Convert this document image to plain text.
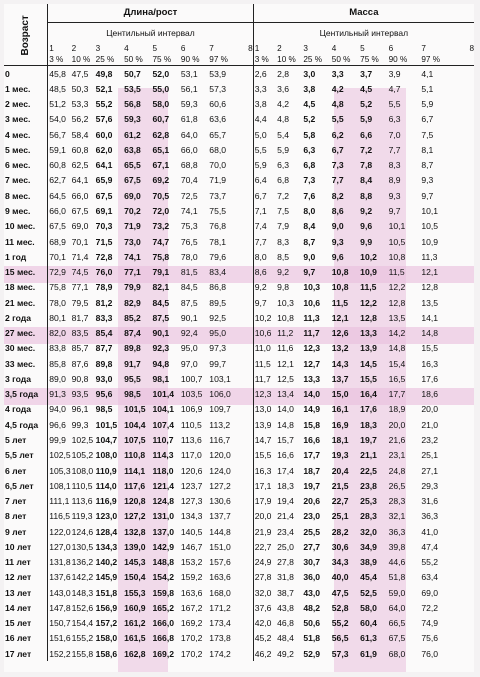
Возраст	Длина/рост								Масса							
	Центильный интервал								Центильный интервал							
	1	2	3	4	5	6	7	8	1	2	3	4	5	6	7	8
	3 %	10 %	25 %	50 %	75 %	90 %	97 %		3 %	10 %	25 %	50 %	75 %	90 %	97 %	
0	45,8	47,5	49,8	50,7	52,0	53,1	53,9		2,6	2,8	3,0	3,3	3,7	3,9	4,1	
1 мес.	48,5	50,3	52,1	53,5	55,0	56,1	57,3		3,3	3,6	3,8	4,2	4,5	4,7	5,1	
2 мес.	51,2	53,3	55,2	56,8	58,0	59,3	60,6		3,8	4,2	4,5	4,8	5,2	5,5	5,9	
3 мес.	54,0	56,2	57,6	59,3	60,7	61,8	63,6		4,4	4,8	5,2	5,5	5,9	6,3	6,7	
4 мес.	56,7	58,4	60,0	61,2	62,8	64,0	65,7		5,0	5,4	5,8	6,2	6,6	7,0	7,5	
5 мес.	59,1	60,8	62,0	63,8	65,1	66,0	68,0		5,5	5,9	6,3	6,7	7,2	7,7	8,1	
6 мес.	60,8	62,5	64,1	65,5	67,1	68,8	70,0		5,9	6,3	6,8	7,3	7,8	8,3	8,7	
7 мес.	62,7	64,1	65,9	67,5	69,2	70,4	71,9		6,4	6,8	7,3	7,7	8,4	8,9	9,3	
8 мес.	64,5	66,0	67,5	69,0	70,5	72,5	73,7		6,7	7,2	7,6	8,2	8,8	9,3	9,7	
9 мес.	66,0	67,5	69,1	70,2	72,0	74,1	75,5		7,1	7,5	8,0	8,6	9,2	9,7	10,1	
10 мес.	67,5	69,0	70,3	71,9	73,2	75,3	76,8		7,4	7,9	8,4	9,0	9,6	10,1	10,5	
11 мес.	68,9	70,1	71,5	73,0	74,7	76,5	78,1		7,7	8,3	8,7	9,3	9,9	10,5	10,9	
1 год	70,1	71,4	72,8	74,1	75,8	78,0	79,6		8,0	8,5	9,0	9,6	10,2	10,8	11,3	
15 мес.	72,9	74,5	76,0	77,1	79,1	81,5	83,4		8,6	9,2	9,7	10,8	10,9	11,5	12,1	
18 мес.	75,8	77,1	78,9	79,9	82,1	84,5	86,8		9,2	9,8	10,3	10,8	11,5	12,2	12,8	
21 мес.	78,0	79,5	81,2	82,9	84,5	87,5	89,5		9,7	10,3	10,6	11,5	12,2	12,8	13,5	
2 года	80,1	81,7	83,3	85,2	87,5	90,1	92,5		10,2	10,8	11,3	12,1	12,8	13,5	14,1	
27 мес.	82,0	83,5	85,4	87,4	90,1	92,4	95,0		10,6	11,2	11,7	12,6	13,3	14,2	14,8	
30 мес.	83,8	85,7	87,7	89,8	92,3	95,0	97,3		11,0	11,6	12,3	13,2	13,9	14,8	15,5	
33 мес.	85,8	87,6	89,8	91,7	94,8	97,0	99,7		11,5	12,1	12,7	14,3	14,5	15,4	16,3	
3 года	89,0	90,8	93,0	95,5	98,1	100,7	103,1		11,7	12,5	13,3	13,7	15,5	16,5	17,6	
3,5 года	91,3	93,5	95,6	98,5	101,4	103,5	106,0		12,3	13,4	14,0	15,0	16,4	17,7	18,6	
4 года	94,0	96,1	98,5	101,5	104,1	106,9	109,7		13,0	14,0	14,9	16,1	17,6	18,9	20,0	
4,5 года	96,6	99,3	101,5	104,4	107,4	110,5	113,2		13,9	14,8	15,8	16,9	18,3	20,0	21,0	
5 лет	99,9	102,5	104,7	107,5	110,7	113,6	116,7		14,7	15,7	16,6	18,1	19,7	21,6	23,2	
5,5 лет	102,5	105,2	108,0	110,8	114,3	117,0	120,0		15,5	16,6	17,7	19,3	21,1	23,1	25,1	
6 лет	105,3	108,0	110,9	114,1	118,0	120,6	124,0		16,3	17,4	18,7	20,4	22,5	24,8	27,1	
6,5 лет	108,1	110,5	114,0	117,6	121,4	123,7	127,2		17,1	18,3	19,7	21,5	23,8	26,5	29,3	
7 лет	111,1	113,6	116,9	120,8	124,8	127,3	130,6		17,9	19,4	20,6	22,7	25,3	28,3	31,6	
8 лет	116,5	119,3	123,0	127,2	131,0	134,3	137,7		20,0	21,4	23,0	25,1	28,3	32,1	36,3	
9 лет	122,0	124,6	128,4	132,8	137,0	140,5	144,8		21,9	23,4	25,5	28,2	32,0	36,3	41,0	
10 лет	127,0	130,5	134,3	139,0	142,9	146,7	151,0		22,7	25,0	27,7	30,6	34,9	39,8	47,4	
11 лет	131,8	136,2	140,2	145,3	148,8	153,2	157,6		24,9	27,8	30,7	34,3	38,9	44,6	55,2	
12 лет	137,6	142,2	145,9	150,4	154,2	159,2	163,6		27,8	31,8	36,0	40,0	45,4	51,8	63,4	
13 лет	143,0	148,3	151,8	155,3	159,8	163,6	168,0		32,0	38,7	43,0	47,5	52,5	59,0	69,0	
14 лет	147,8	152,6	156,9	160,9	165,2	167,2	171,2		37,6	43,8	48,2	52,8	58,0	64,0	72,2	
15 лет	150,7	154,4	157,2	161,2	166,0	169,2	173,4		42,0	46,8	50,6	55,2	60,4	66,5	74,9	
16 лет	151,6	155,2	158,0	161,5	166,8	170,2	173,8		45,2	48,4	51,8	56,5	61,3	67,5	75,6	
17 лет	152,2	155,8	158,6	162,8	169,2	170,2	174,2		46,2	49,2	52,9	57,3	61,9	68,0	76,0	
